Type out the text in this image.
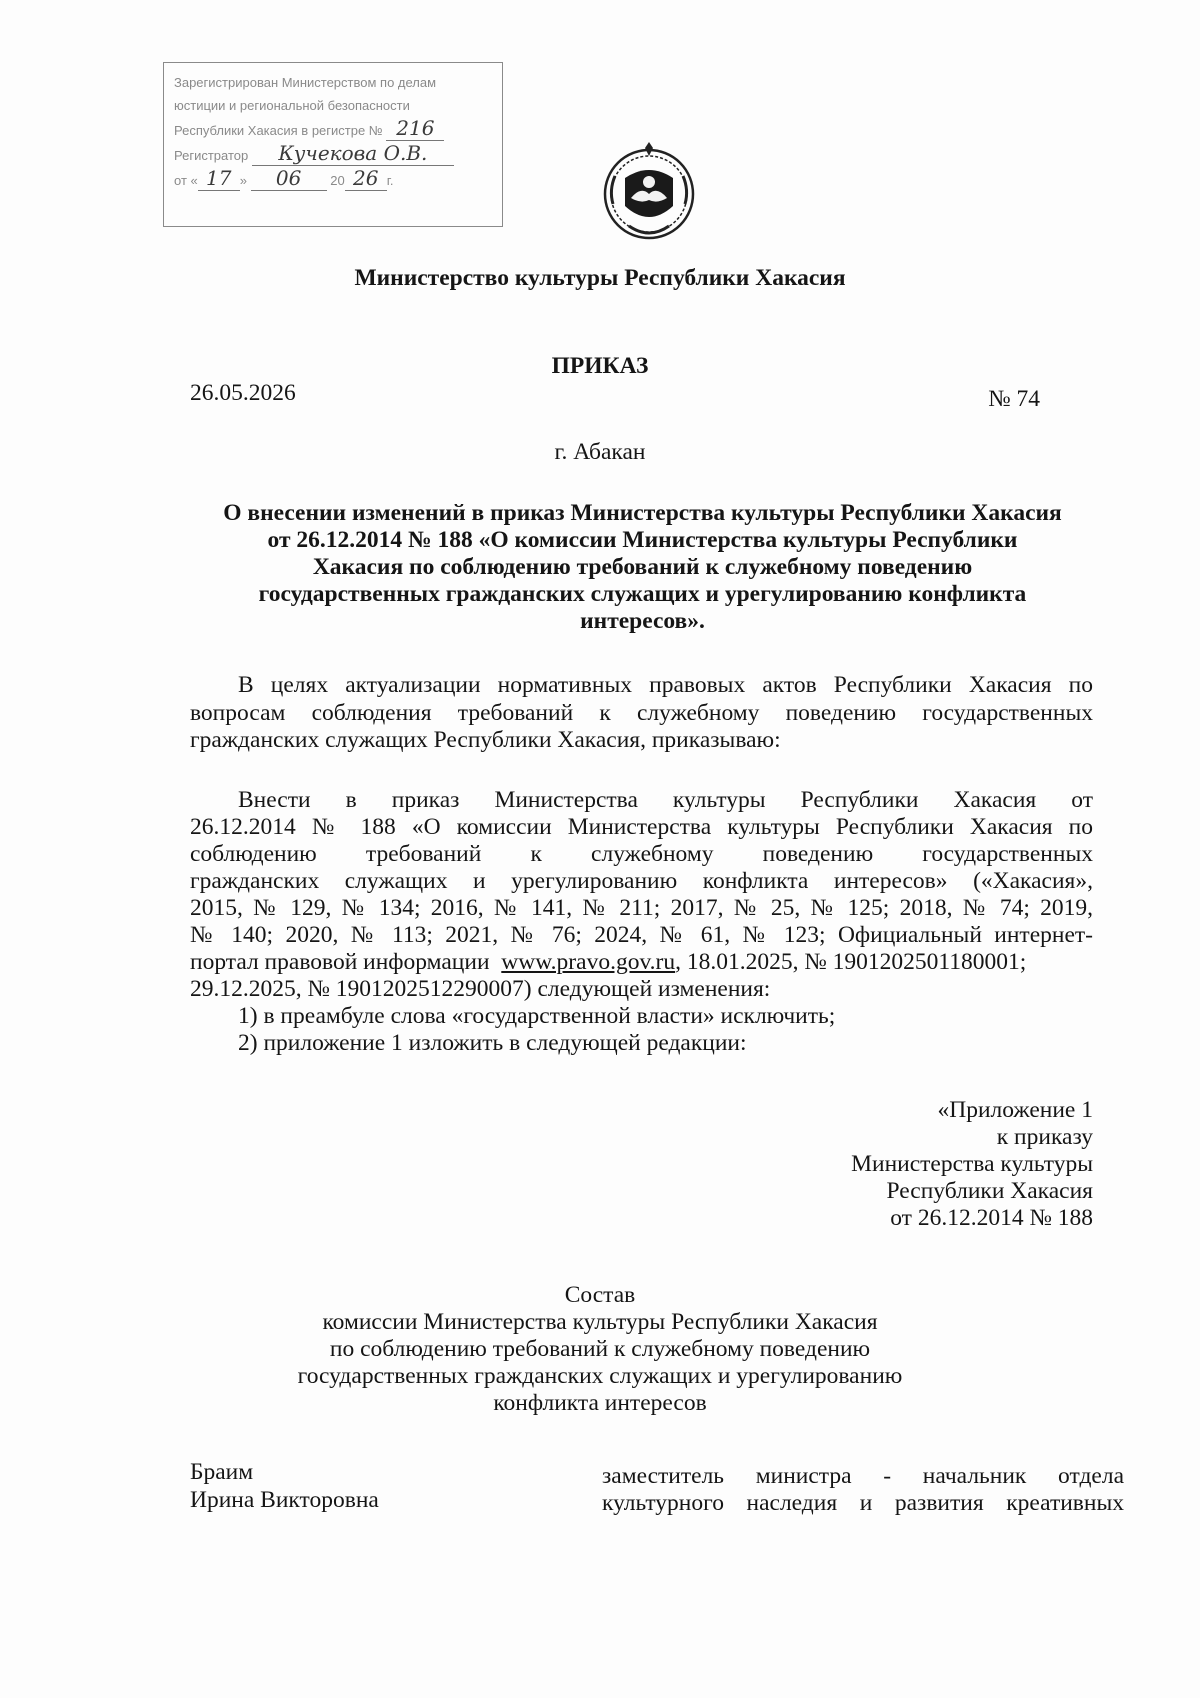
Зарегистрирован Министерством по делам
юстиции и региональной безопасности
Республики Хакасия в регистре № 216
Регистратор Кучекова О.В.
от « 17 » 06 20 26 г.
Министерство культуры Республики Хакасия
ПРИКАЗ
26.05.2026	№ 74
г. Абакан
О внесении изменений в приказ Министерства культуры Республики Хакасия
от 26.12.2014 № 188 «О комиссии Министерства культуры Республики
Хакасия по соблюдению требований к служебному поведению
государственных гражданских служащих и урегулированию конфликта
интересов».
В целях актуализации нормативных правовых актов Республики Хакасия по
вопросам соблюдения требований к служебному поведению государственных
гражданских служащих Республики Хакасия, приказываю:
Внести в приказ Министерства культуры Республики Хакасия от
26.12.2014 № 188 «О комиссии Министерства культуры Республики Хакасия по
соблюдению требований к служебному поведению государственных
гражданских служащих и урегулированию конфликта интересов» («Хакасия»,
2015, № 129, № 134; 2016, № 141, № 211; 2017, № 25, № 125; 2018, № 74; 2019,
№ 140; 2020, № 113; 2021, № 76; 2024, № 61, № 123; Официальный интернет-
портал правовой информации www.pravo.gov.ru, 18.01.2025, № 1901202501180001;
29.12.2025, № 1901202512290007) следующей изменения:
1) в преамбуле слова «государственной власти» исключить;
2) приложение 1 изложить в следующей редакции:
«Приложение 1
к приказу
Министерства культуры
Республики Хакасия
от 26.12.2014 № 188
Состав
комиссии Министерства культуры Республики Хакасия
по соблюдению требований к служебному поведению
государственных гражданских служащих и урегулированию
конфликта интересов
Браим
Ирина Викторовна
заместитель министра - начальник отдела
культурного наследия и развития креативных
